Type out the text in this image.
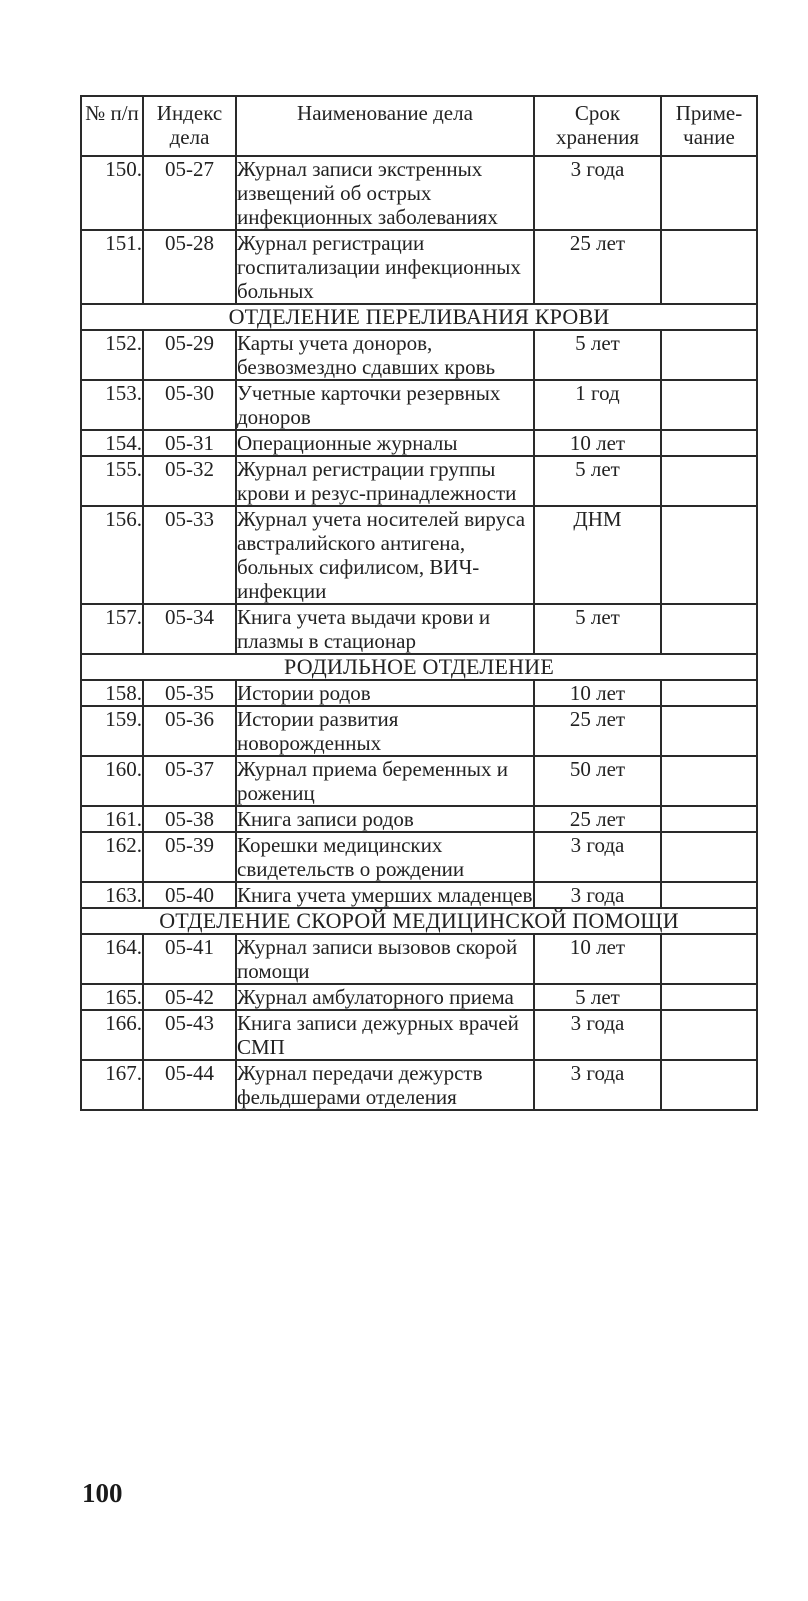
№ п/п	Индекс дела	Наименование дела	Срок хранения	Приме-чание
150.	05-27	Журнал записи экстренных извещений об острых инфекционных заболеваниях	3 года	
151.	05-28	Журнал регистрации госпитализации инфекционных больных	25 лет	
ОТДЕЛЕНИЕ ПЕРЕЛИВАНИЯ КРОВИ				
152.	05-29	Карты учета доноров, безвозмездно сдавших кровь	5 лет	
153.	05-30	Учетные карточки резервных доноров	1 год	
154.	05-31	Операционные журналы	10 лет	
155.	05-32	Журнал регистрации группы крови и резус-принадлежности	5 лет	
156.	05-33	Журнал учета носителей вируса австралийского антигена, больных сифилисом, ВИЧ-инфекции	ДНМ	
157.	05-34	Книга учета выдачи крови и плазмы в стационар	5 лет	
РОДИЛЬНОЕ ОТДЕЛЕНИЕ				
158.	05-35	Истории родов	10 лет	
159.	05-36	Истории развития новорожденных	25 лет	
160.	05-37	Журнал приема беременных и рожениц	50 лет	
161.	05-38	Книга записи родов	25 лет	
162.	05-39	Корешки медицинских свидетельств о рождении	3 года	
163.	05-40	Книга учета умерших младенцев	3 года	
ОТДЕЛЕНИЕ СКОРОЙ МЕДИЦИНСКОЙ ПОМОЩИ				
164.	05-41	Журнал записи вызовов скорой помощи	10 лет	
165.	05-42	Журнал амбулаторного приема	5 лет	
166.	05-43	Книга записи дежурных врачей СМП	3 года	
167.	05-44	Журнал передачи дежурств фельдшерами отделения	3 года	
100
